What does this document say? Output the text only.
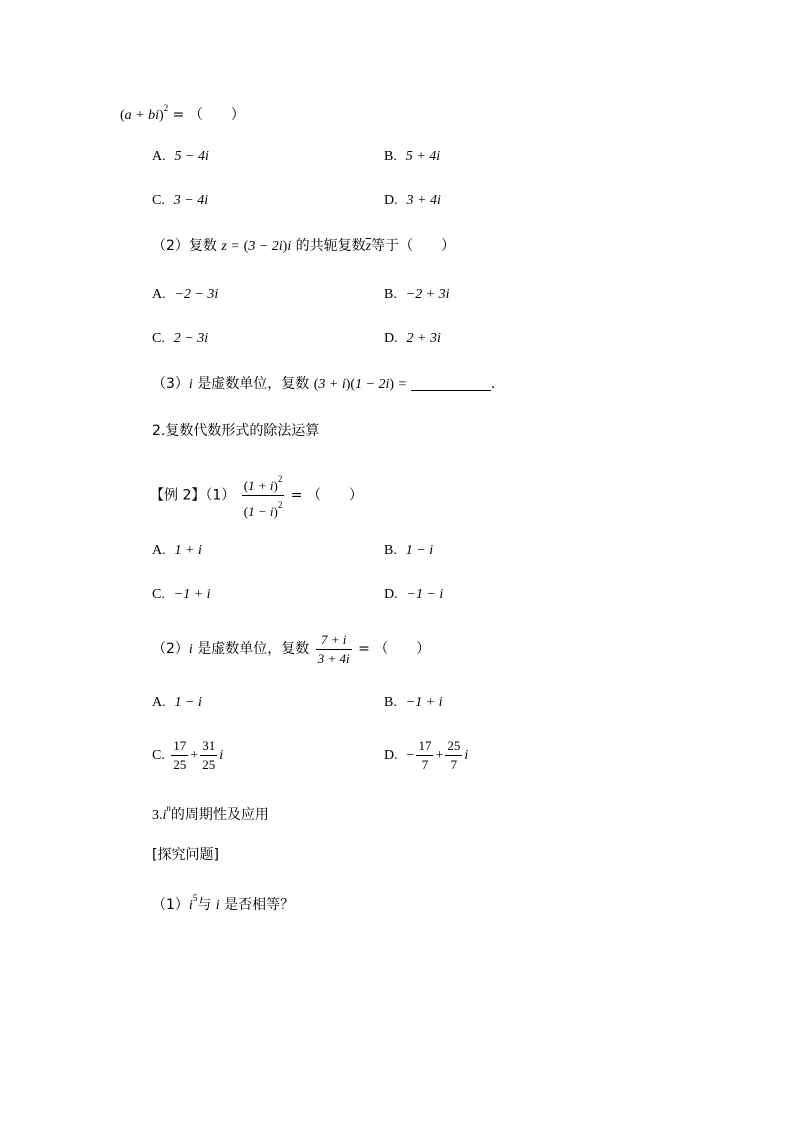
(a + bi)$^2$ = （　　）
A. 5 − 4i	B. 5 + 4i
C. 3 − 4i	D. 3 + 4i
（2）复数 z = (3 − 2i)i 的共轭复数$\overline{z}$等于（　　）
A. −2 − 3i	B. −2 + 3i
C. 2 − 3i	D. 2 + 3i
（3）i 是虚数单位，复数 (3 + i)(1 − 2i) =	.
2.复数代数形式的除法运算
【例 2】$(1) \frac{(1 + i)^2}{(1 - i)^2}$ = （　　）
A. 1 + i	B. 1 − i
C. −1 + i	D. −1 − i
（2）i 是虚数单位，复数 $\frac{7 + i}{3 + 4i}$ = （　　）
A. 1 − i	B. −1 + i
C. $\frac{17}{25} + \frac{31}{25}$ i	D. − $\frac{17}{7} + \frac{25}{7}$ i
$3.i^n$的周期性及应用
[探究问题]
$(1)i^5$与 i 是否相等？
